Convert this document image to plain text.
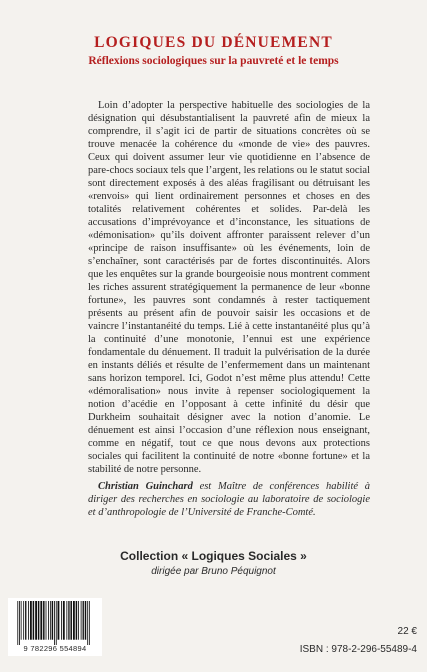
LOGIQUES DU DÉNUEMENT
Réflexions sociologiques sur la pauvreté et le temps

Loin d’adopter la perspective habituelle des sociologies de la désignation qui désubstantialisent la pauvreté afin de mieux la comprendre, il s’agit ici de partir de situations concrètes où se trouve menacée la cohérence du «monde de vie» des pauvres. Ceux qui doivent assumer leur vie quotidienne en l’absence de pare-chocs sociaux tels que l’argent, les relations ou le statut social sont directement exposés à des aléas fragilisant ou détruisant les «renvois» qui lient ordinairement personnes et choses en des totalités relativement cohérentes et solides. Par-delà les accusations d’imprévoyance et d’inconstance, les situations de «démonisation» qu’ils doivent affronter paraissent relever d’un «principe de raison insuffisante» où les événements, loin de s’enchaîner, sont caractérisés par de fortes discontinuités. Alors que les enquêtes sur la grande bourgeoisie nous montrent comment les riches assurent stratégiquement la permanence de leur «bonne fortune», les pauvres sont condamnés à rester tactiquement présents au présent afin de pouvoir saisir les occasions et de vaincre l’instantanéité du temps. Lié à cette instantanéité plus qu’à la continuité d’une monotonie, l’ennui est une expérience fondamentale du dénuement. Il traduit la pulvérisation de la durée en instants déliés et résulte de l’enfermement dans un maintenant sans horizon temporel. Ici, Godot n’est même plus attendu! Cette «démoralisation» nous invite à repenser sociologiquement la notion d’acédie en l’opposant à cette infinité du désir que Durkheim souhaitait désigner avec la notion d’anomie. Le dénuement est ainsi l’occasion d’une réflexion nous enseignant, comme en négatif, tout ce que nous devons aux protections sociales qui facilitent la continuité de notre «bonne fortune» et la stabilité de notre personne.

Christian Guinchard est Maître de conférences habilité à diriger des recherches en sociologie au laboratoire de sociologie et d’anthropologie de l’Université de Franche-Comté.

Collection « Logiques Sociales »
dirigée par Bruno Péquignot
9 782296 554894
22 €
ISBN : 978-2-296-55489-4
